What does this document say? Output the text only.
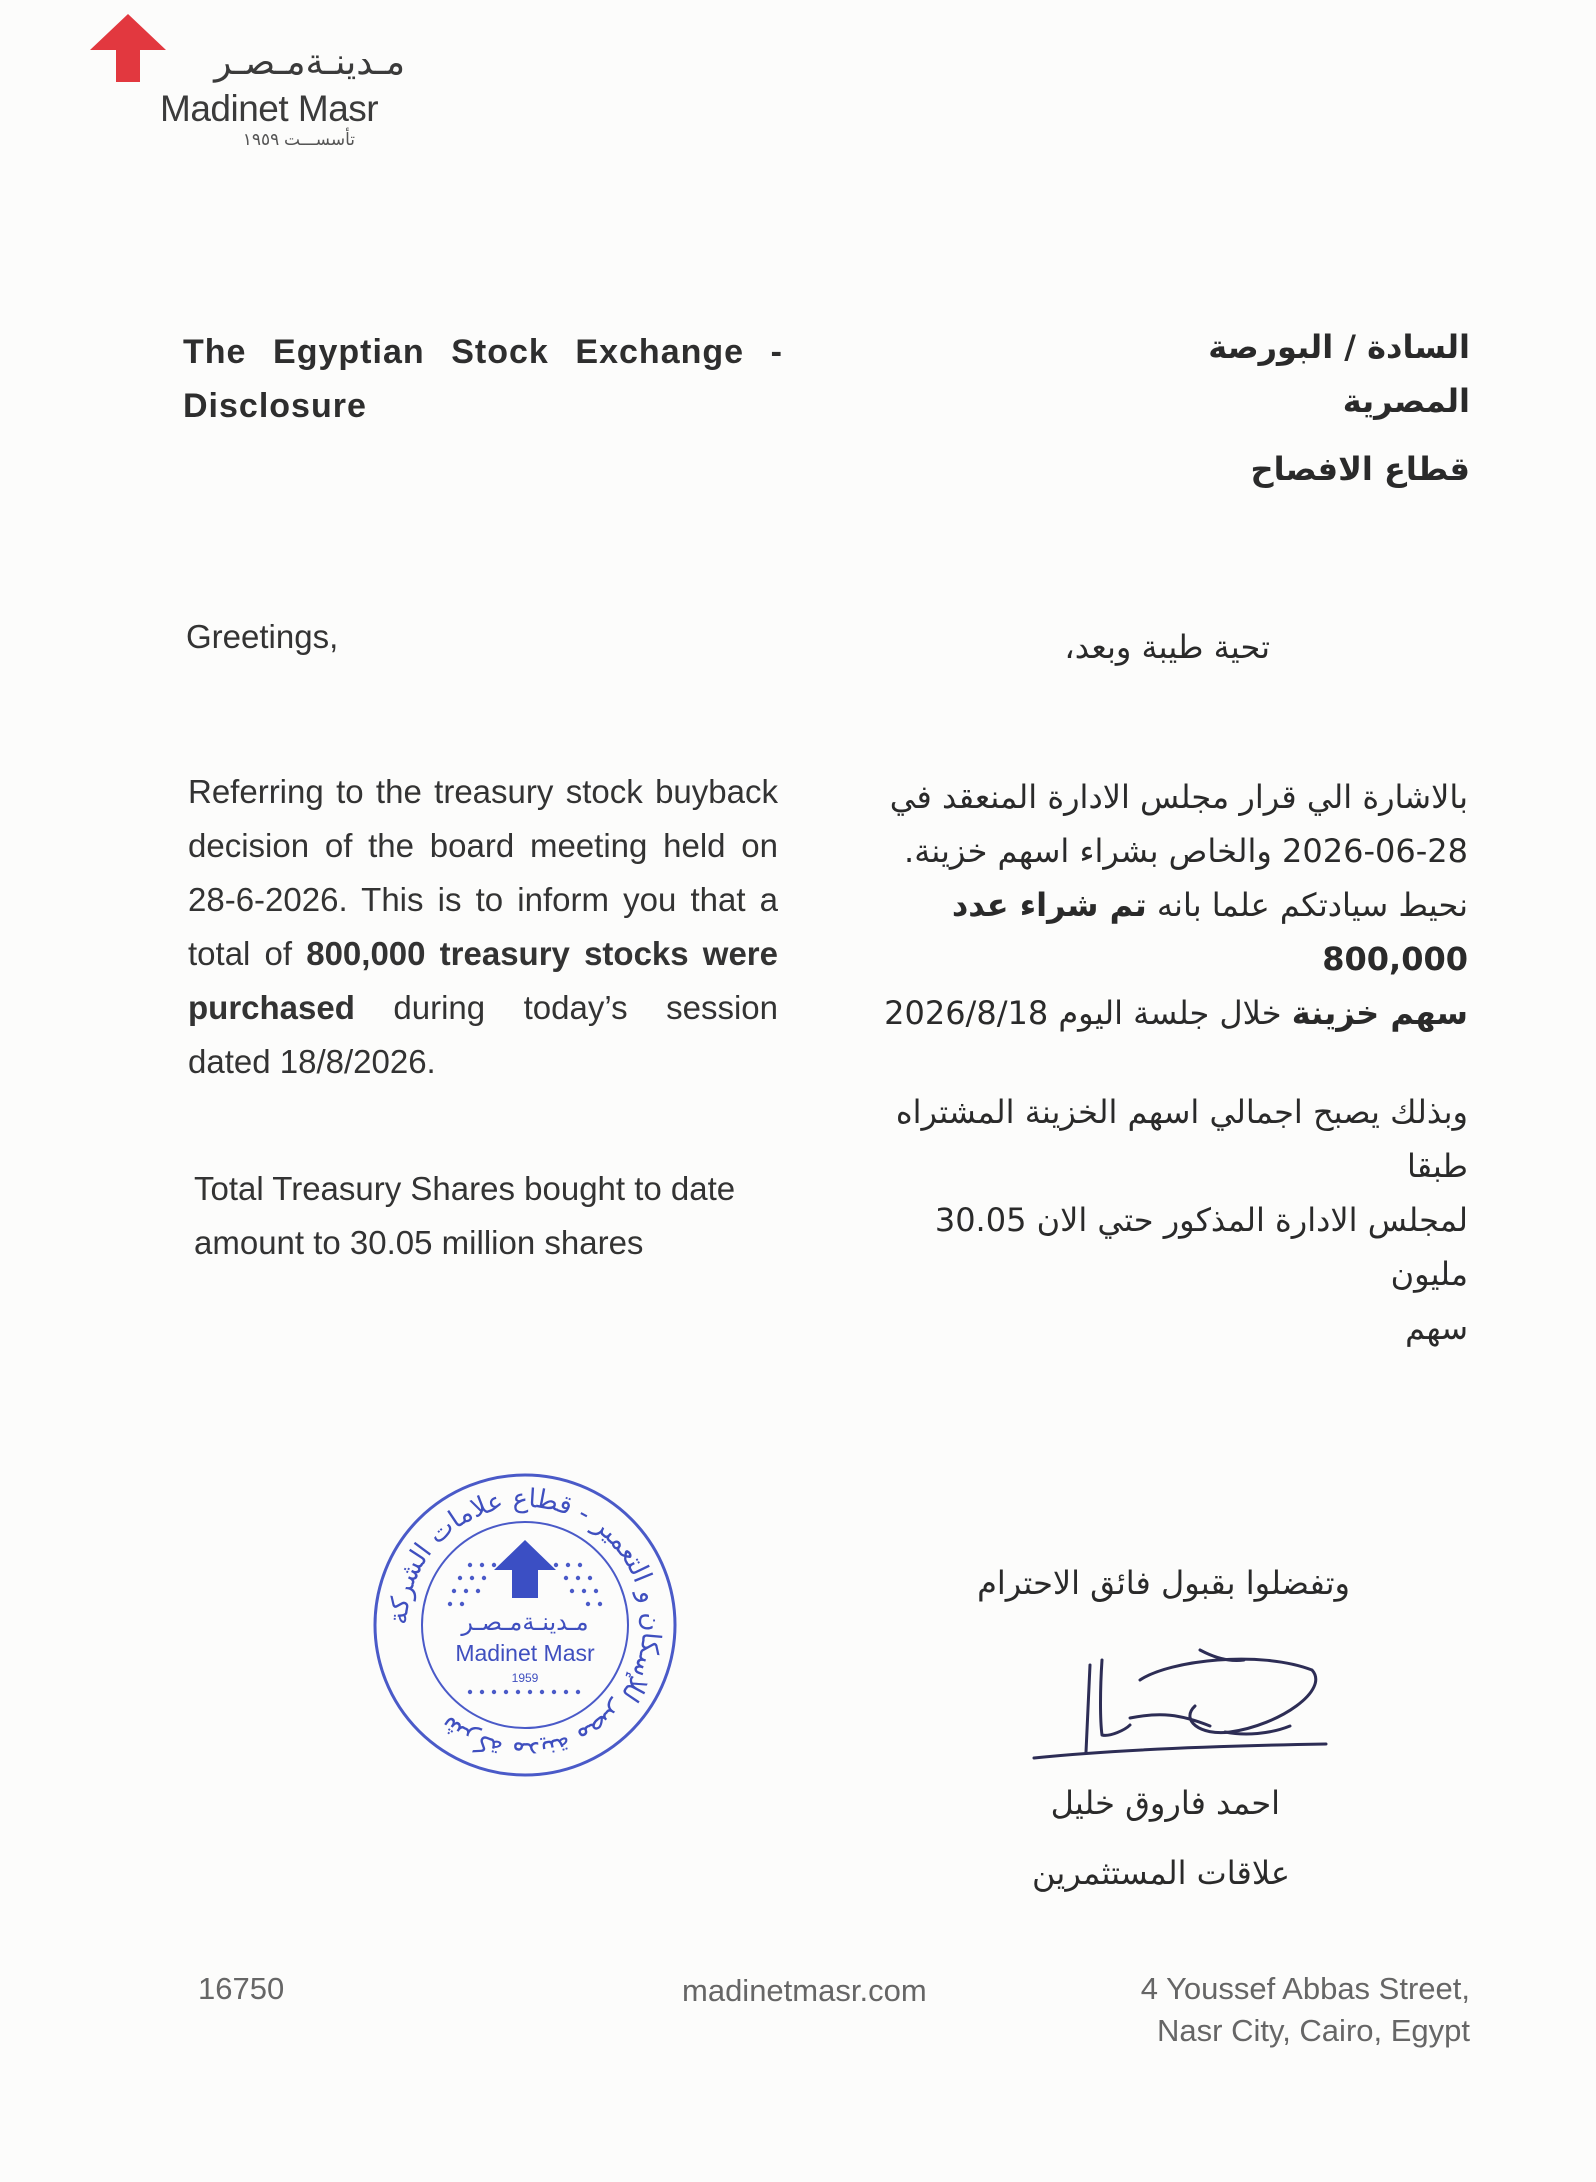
مـدينـةمـصـر
Madinet Masr
تأسســـت ١٩٥٩
The Egyptian Stock Exchange -
Disclosure
السادة / البورصة المصرية
قطاع الافصاح
Greetings,	تحية طيبة وبعد،
Referring to the treasury stock buyback decision of the board meeting held on 28-6-2026. This is to inform you that a total of 800,000 treasury stocks were purchased during today’s session dated 18/8/2026.
Total Treasury Shares bought to date amount to 30.05 million shares
بالاشارة الي قرار مجلس الادارة المنعقد في
2026-06-28 والخاص بشراء اسهم خزينة.
نحيط سيادتكم علما بانه تم شراء عدد 800,000
سهم خزينة خلال جلسة اليوم 2026/8/18
وبذلك يصبح اجمالي اسهم الخزينة المشتراه طبقا
لمجلس الادارة المذكور حتي الان 30.05 مليون
سهم
شركة مدينة مصر للإسكان و التعمير - قطاع علامات الشركة
مـدينـةمـصـر
Madinet Masr
1959
وتفضلوا بقبول فائق الاحترام
احمد فاروق خليل
علاقات المستثمرين
16750	madinetmasr.com	4 Youssef Abbas Street,
Nasr City, Cairo, Egypt
